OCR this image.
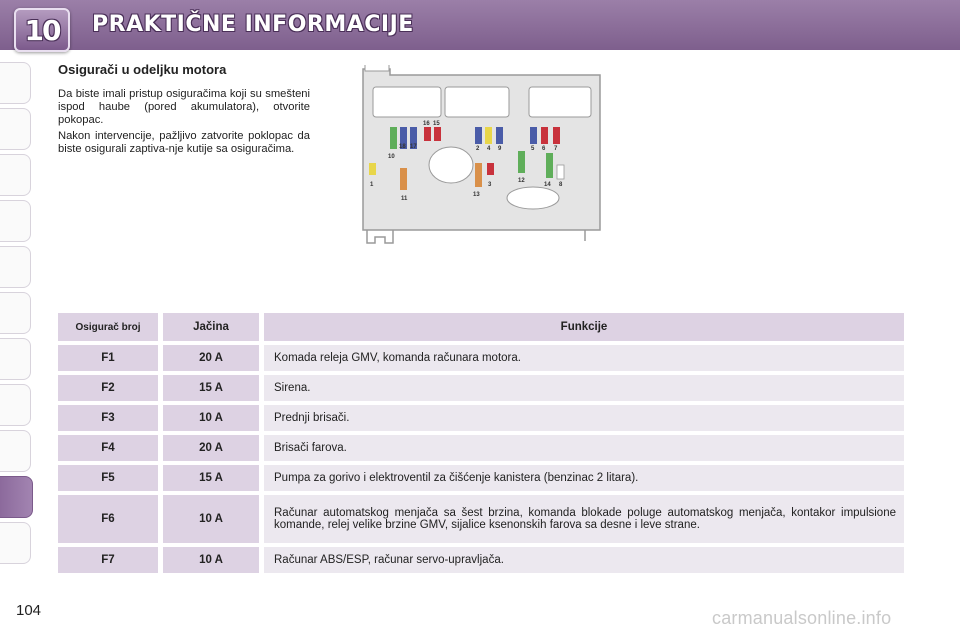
10 PRAKTIČNE INFORMACIJE
Osigurači u odeljku motora
Da biste imali pristup osiguračima koji su smešteni ispod haube (pored akumulatora), otvorite pokopac.
Nakon intervencije, pažljivo zatvorite poklopac da biste osigurali zaptiva-nje kutije sa osiguračima.
10
18 17
16 15
1
11
2 4 9
13
3
12
5 6 7
14 8
Osigurač broj		Jačina		Funkcije
F1		20 A		Komada releja GMV, komanda računara motora.
F2		15 A		Sirena.
F3		10 A		Prednji brisači.
F4		20 A		Brisači farova.
F5		15 A		Pumpa za gorivo i elektroventil za čišćenje kanistera (benzinac 2 litara).
F6		10 A		Računar automatskog menjača sa šest brzina, komanda blokade poluge automatskog menjača, kontakor impulsione komande, relej velike brzine GMV, sijalice ksenonskih farova sa desne i leve strane.
F7		10 A		Računar ABS/ESP, računar servo-upravljača.
104	carmanualsonline.info
